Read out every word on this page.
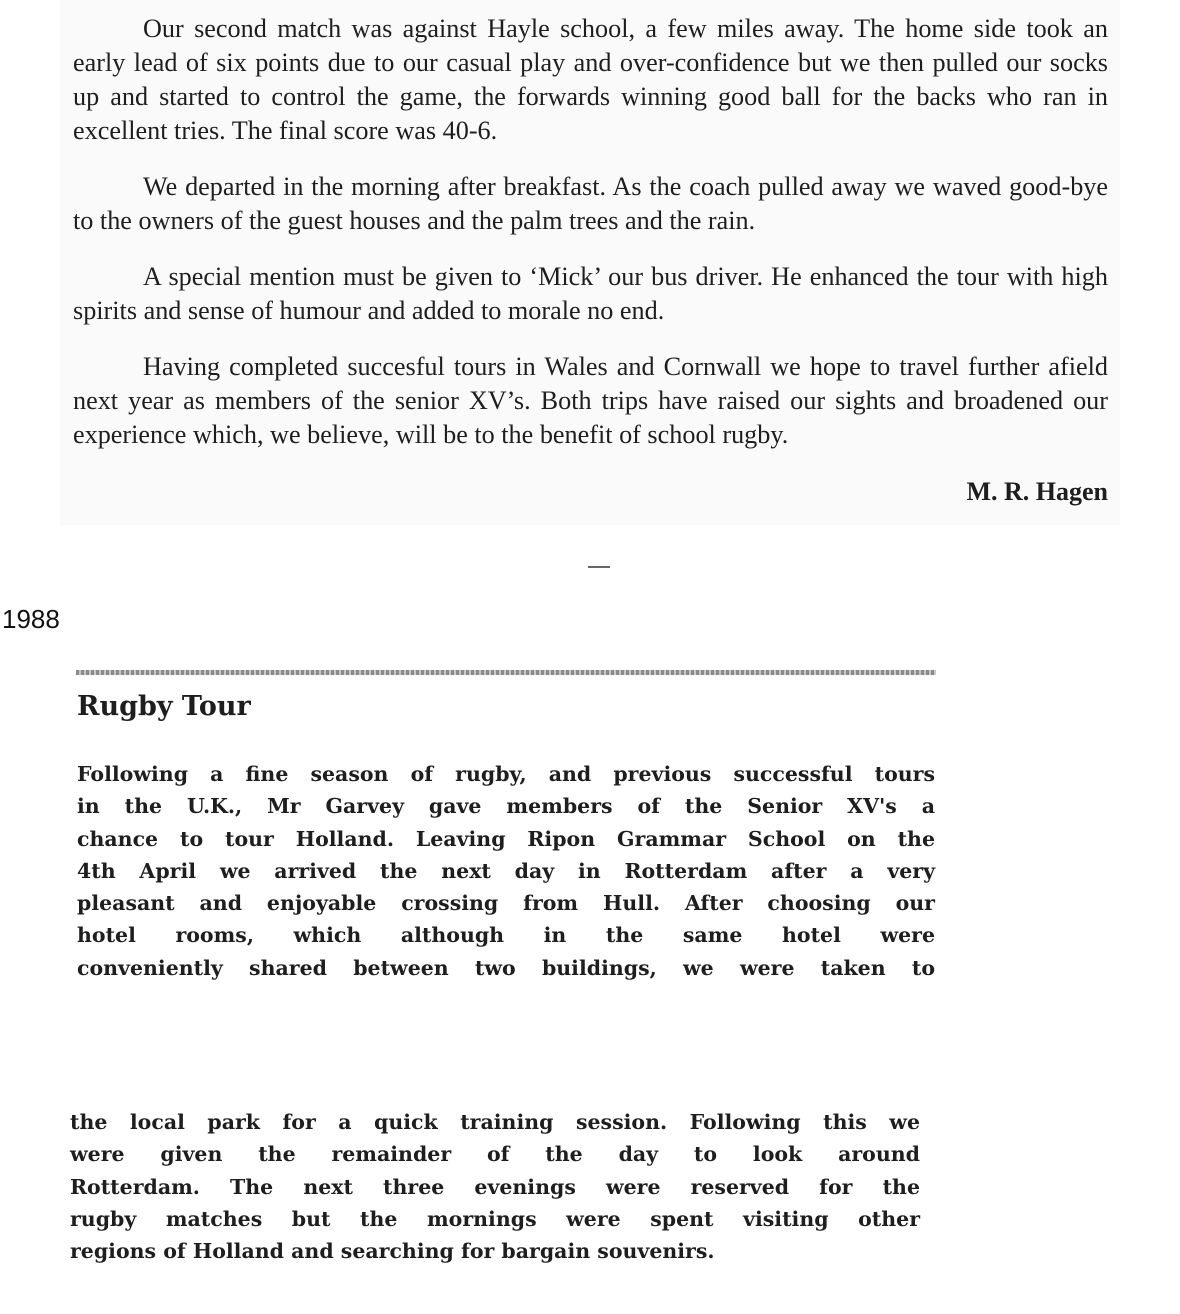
Our second match was against Hayle school, a few miles away. The home side took an early lead of six points due to our casual play and over-confidence but we then pulled our socks up and started to control the game, the forwards winning good ball for the backs who ran in excellent tries. The final score was 40-6.

We departed in the morning after breakfast. As the coach pulled away we waved good-bye to the owners of the guest houses and the palm trees and the rain.

A special mention must be given to ‘Mick’ our bus driver. He enhanced the tour with high spirits and sense of humour and added to morale no end.

Having completed succesful tours in Wales and Cornwall we hope to travel further afield next year as members of the senior XV’s. Both trips have raised our sights and broadened our experience which, we believe, will be to the benefit of school rugby.

M. R. Hagen
1988
Rugby Tour
Following a fine season of rugby, and previous successful tours
in the U.K., Mr Garvey gave members of the Senior XV's a
chance to tour Holland. Leaving Ripon Grammar School on the
4th April we arrived the next day in Rotterdam after a very
pleasant and enjoyable crossing from Hull. After choosing our
hotel rooms, which although in the same hotel were
conveniently shared between two buildings, we were taken to
the local park for a quick training session. Following this we
were given the remainder of the day to look around
Rotterdam. The next three evenings were reserved for the
rugby matches but the mornings were spent visiting other
regions of Holland and searching for bargain souvenirs.
